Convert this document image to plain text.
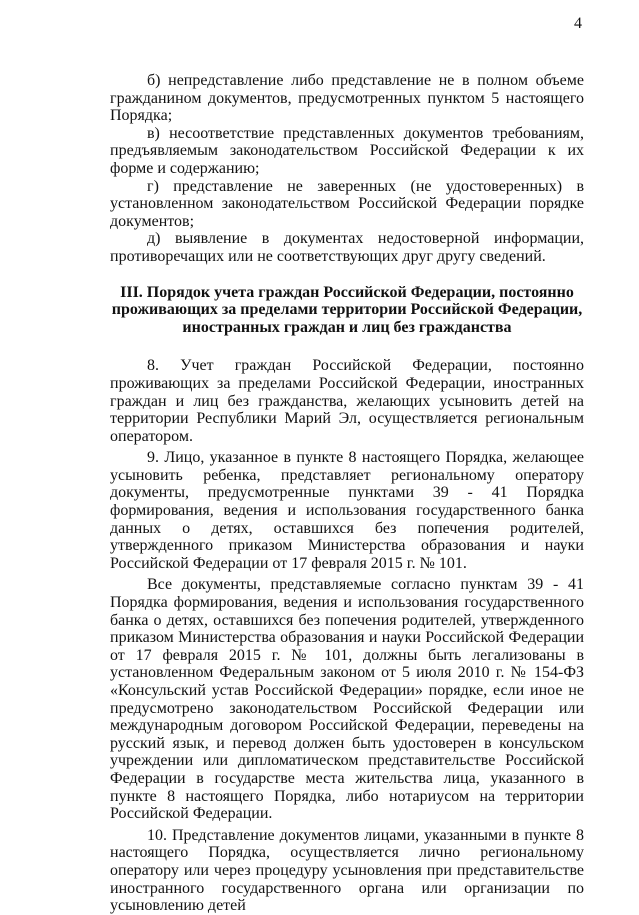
4

б) непредставление либо представление не в полном объеме гражданином документов, предусмотренных пунктом 5 настоящего Порядка;

в) несоответствие представленных документов требованиям, предъявляемым законодательством Российской Федерации к их форме и содержанию;

г) представление не заверенных (не удостоверенных) в установленном законодательством Российской Федерации порядке документов;

д) выявление в документах недостоверной информации, противоречащих или не соответствующих друг другу сведений.

III. Порядок учета граждан Российской Федерации, постоянно
проживающих за пределами территории Российской Федерации,
иностранных граждан и лиц без гражданства

8. Учет граждан Российской Федерации, постоянно проживающих за пределами Российской Федерации, иностранных граждан и лиц без гражданства, желающих усыновить детей на территории Республики Марий Эл, осуществляется региональным оператором.

9. Лицо, указанное в пункте 8 настоящего Порядка, желающее усыновить ребенка, представляет региональному оператору документы, предусмотренные пунктами 39 - 41 Порядка формирования, ведения и использования государственного банка данных о детях, оставшихся без попечения родителей, утвержденного приказом Министерства образования и науки Российской Федерации от 17 февраля 2015 г. № 101.

Все документы, представляемые согласно пунктам 39 - 41 Порядка формирования, ведения и использования государственного банка о детях, оставшихся без попечения родителей, утвержденного приказом Министерства образования и науки Российской Федерации от 17 февраля 2015 г. № 101, должны быть легализованы в установленном Федеральным законом от 5 июля 2010 г. № 154-ФЗ «Консульский устав Российской Федерации» порядке, если иное не предусмотрено законодательством Российской Федерации или международным договором Российской Федерации, переведены на русский язык, и перевод должен быть удостоверен в консульском учреждении или дипломатическом представительстве Российской Федерации в государстве места жительства лица, указанного в пункте 8 настоящего Порядка, либо нотариусом на территории Российской Федерации.

10. Представление документов лицами, указанными в пункте 8 настоящего Порядка, осуществляется лично региональному оператору или через процедуру усыновления при представительстве иностранного государственного органа или организации по усыновлению детей
